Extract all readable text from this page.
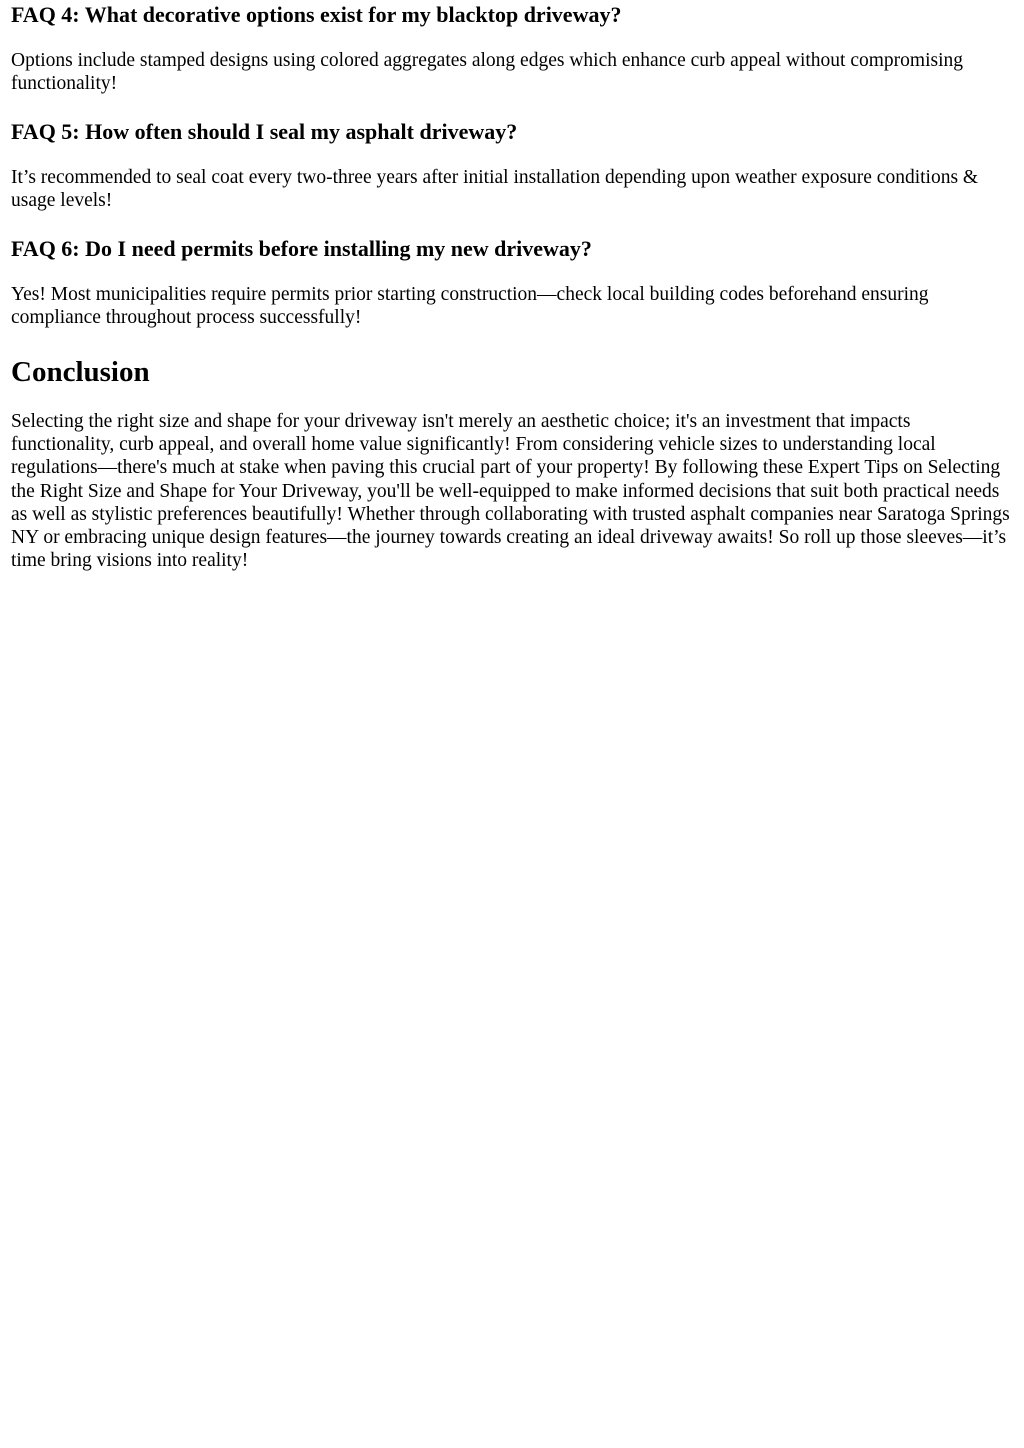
FAQ 4: What decorative options exist for my blacktop driveway?

Options include stamped designs using colored aggregates along edges which enhance curb appeal without compromising functionality!

FAQ 5: How often should I seal my asphalt driveway?

It’s recommended to seal coat every two-three years after initial installation depending upon weather exposure conditions & usage levels!

FAQ 6: Do I need permits before installing my new driveway?

Yes! Most municipalities require permits prior starting construction—check local building codes beforehand ensuring compliance throughout process successfully!

Conclusion

Selecting the right size and shape for your driveway isn't merely an aesthetic choice; it's an investment that impacts functionality, curb appeal, and overall home value significantly! From considering vehicle sizes to understanding local regulations—there's much at stake when paving this crucial part of your property! By following these Expert Tips on Selecting the Right Size and Shape for Your Driveway, you'll be well-equipped to make informed decisions that suit both practical needs as well as stylistic preferences beautifully! Whether through collaborating with trusted asphalt companies near Saratoga Springs NY or embracing unique design features—the journey towards creating an ideal driveway awaits! So roll up those sleeves—it’s time bring visions into reality!
